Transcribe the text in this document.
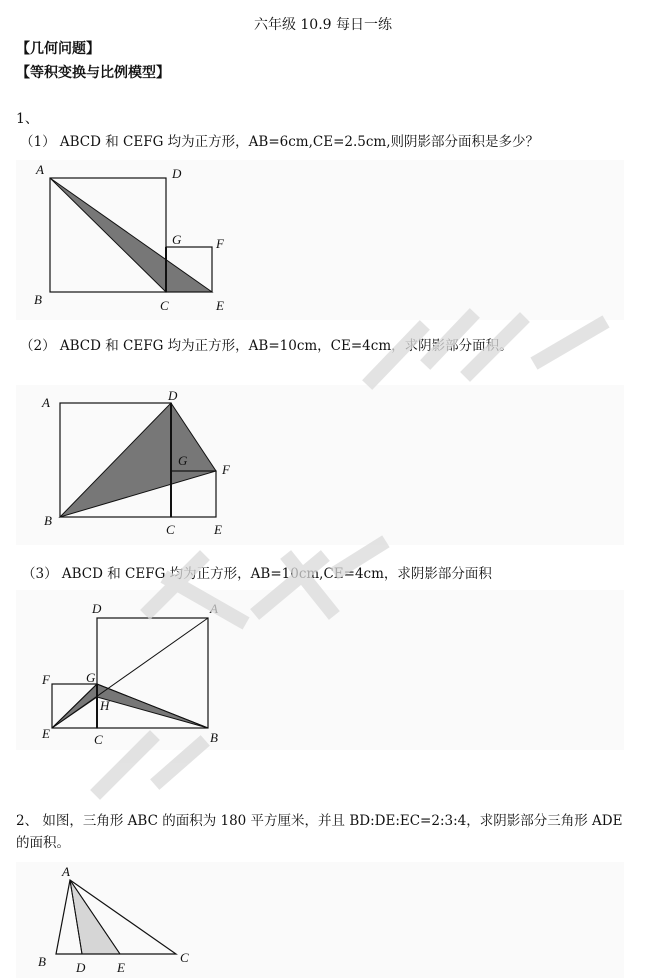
六年级 10.9 每日一练
【几何问题】
【等积变换与比例模型】
1、
（1） ABCD 和 CEFG 均为正方形，AB=6cm,CE=2.5cm,则阴影部分面积是多少？
A	D
G	F
B	C	E
（2） ABCD 和 CEFG 均为正方形，AB=10cm，CE=4cm，求阴影部分面积。
A	D
G
F
B
C	E
（3） ABCD 和 CEFG 均为正方形，AB=10cm,CE=4cm，求阴影部分面积
D	A
F	G
H
E	C	B
2、 如图，三角形 ABC 的面积为 180 平方厘米，并且 BD:DE:EC=2:3:4，求阴影部分三角形 ADE 的面积。
A
B D E
C
